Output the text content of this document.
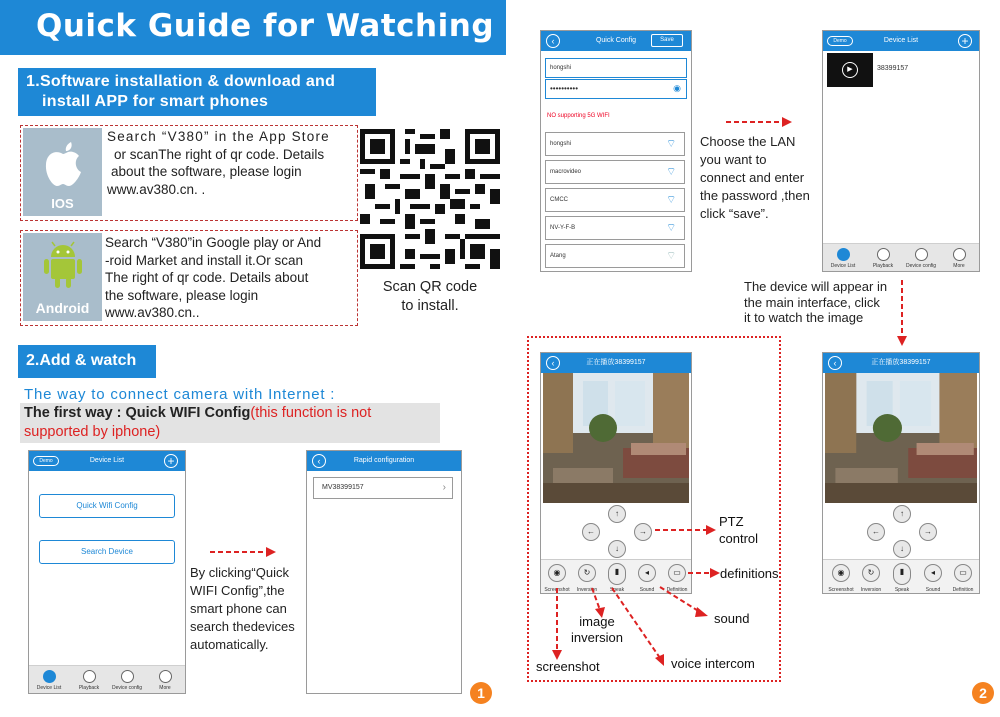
Quick Guide for Watching
1.Software installation & download and
install APP for smart phones
IOS
Search “V380” in the App Store
or scanThe right of qr code. Details
about the software, please login
www.av380.cn. .
Android
Search “V380”in Google play or And
-roid Market and install it.Or scan
The right of qr code. Details about
the software, please login
www.av380.cn..
Scan QR code
to install.
2.Add & watch
The way to connect camera with Internet :
The first way : Quick WIFI Config(this function is not
supported by iphone)
Demo	Device List	+
Quick Wifi Config
Search Device
Device List	Playback	Device config	More
By clicking“Quick
WIFI Config”,the
smart phone can
search thedevices
automatically.
‹	Rapid configuration
MV38399157	›
1
‹	Quick Config	Save
hongshi
••••••••••	◉
NO supporting 5G WIFI
hongshi	⌔
macrovideo	⌔
CMCC	⌔
NV-Y-F-B	⌔
Atang	⌔
Choose the LAN
you want to
connect and enter
the password ,then
click “save”.
Demo	Device List	+
▶	38399157
Device List	Playback	Device config	More
The device will appear in
the main interface, click
it to watch the image
‹	正在播放38399157
↑
←	→
↓
◉	↻	▮	◂	▭
Screenshot	Inversion	Speak	Sound	Definition
PTZ
control
definitions
sound
image
inversion
screenshot	voice intercom
‹	正在播放38399157
↑
←	→
↓
◉	↻	▮	◂	▭
Screenshot	Inversion	Speak	Sound	Definition
2
